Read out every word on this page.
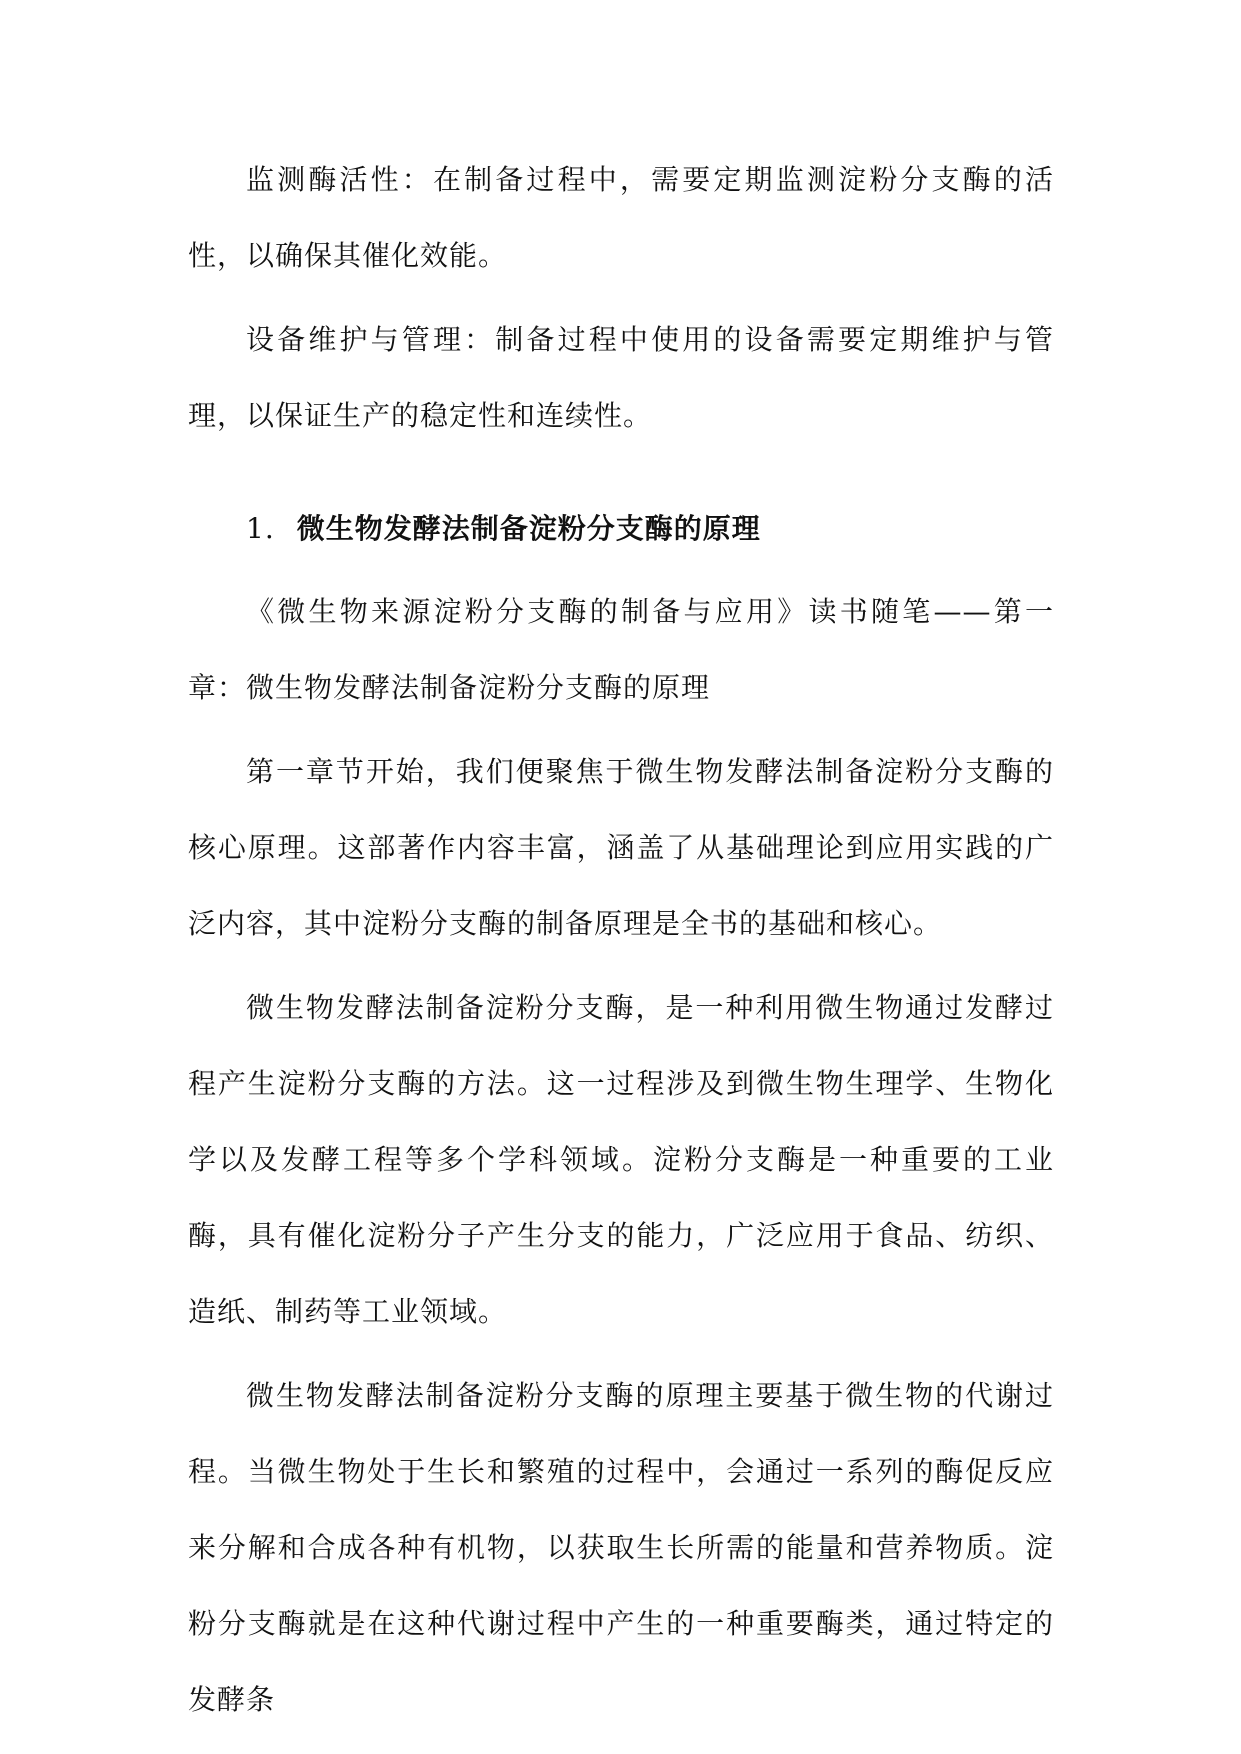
监测酶活性：在制备过程中，需要定期监测淀粉分支酶的活性，以确保其催化效能。

设备维护与管理：制备过程中使用的设备需要定期维护与管理，以保证生产的稳定性和连续性。

1. 微生物发酵法制备淀粉分支酶的原理

《微生物来源淀粉分支酶的制备与应用》读书随笔——第一章：微生物发酵法制备淀粉分支酶的原理

第一章节开始，我们便聚焦于微生物发酵法制备淀粉分支酶的核心原理。这部著作内容丰富，涵盖了从基础理论到应用实践的广泛内容，其中淀粉分支酶的制备原理是全书的基础和核心。

微生物发酵法制备淀粉分支酶，是一种利用微生物通过发酵过程产生淀粉分支酶的方法。这一过程涉及到微生物生理学、生物化学以及发酵工程等多个学科领域。淀粉分支酶是一种重要的工业酶，具有催化淀粉分子产生分支的能力，广泛应用于食品、纺织、造纸、制药等工业领域。

微生物发酵法制备淀粉分支酶的原理主要基于微生物的代谢过程。当微生物处于生长和繁殖的过程中，会通过一系列的酶促反应来分解和合成各种有机物，以获取生长所需的能量和营养物质。淀粉分支酶就是在这种代谢过程中产生的一种重要酶类，通过特定的发酵条
